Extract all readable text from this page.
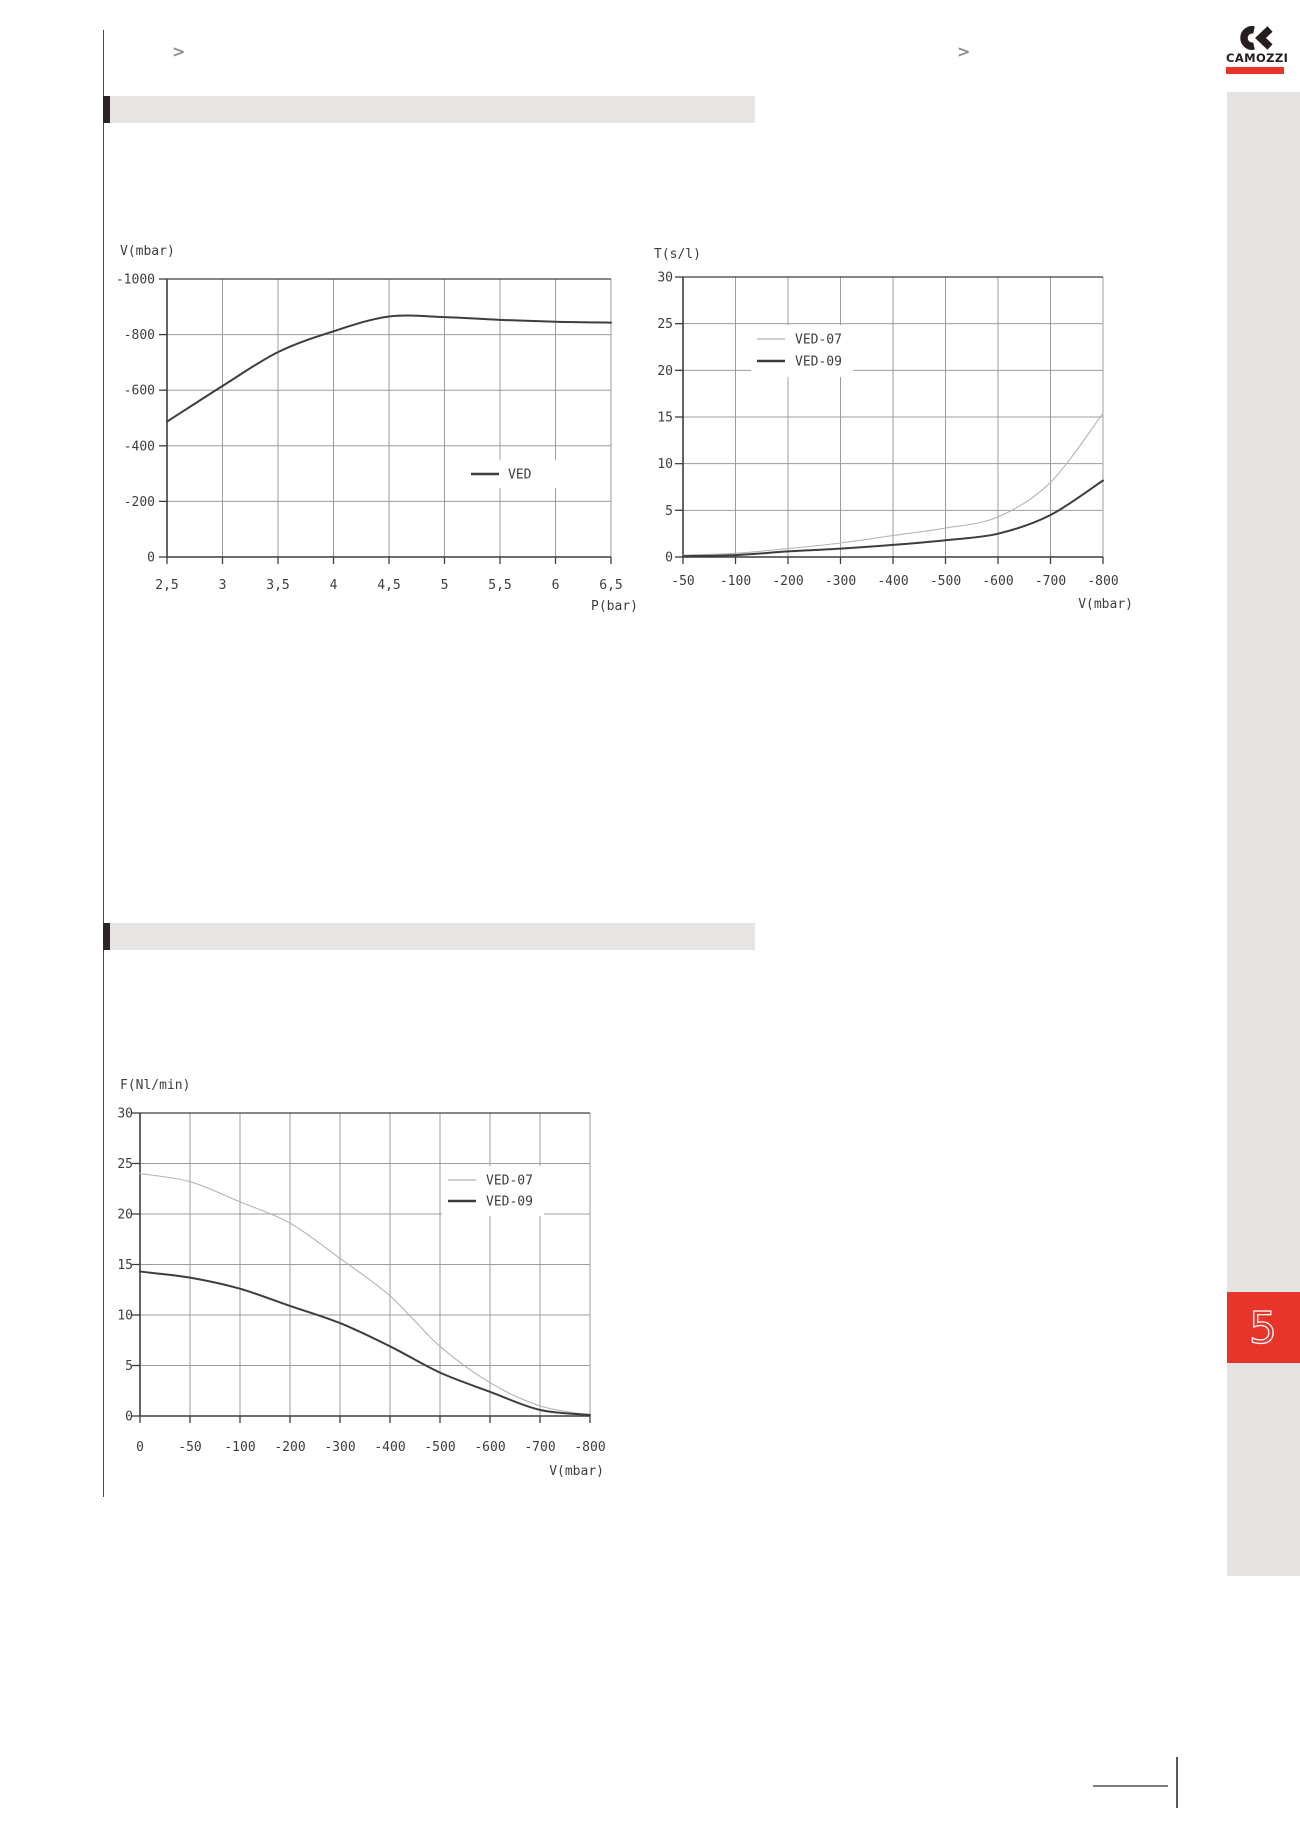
>	>	CAMOZZI
5
2,5	3	3,5	4	4,5	5	5,5	6	6,5
-1000
-800
-600
-400
-200
0
V(mbar)
P(bar)
VED
-50 -100 -200 -300 -400 -500 -600 -700 -800
30
25
20
15
10
5
0
T(s/l)
V(mbar)
VED-07
VED-09
0	-50 -100 -200 -300 -400 -500 -600 -700 -800
30
25
20
15
10
5
0
F(Nl/min)
V(mbar)
VED-07
VED-09
